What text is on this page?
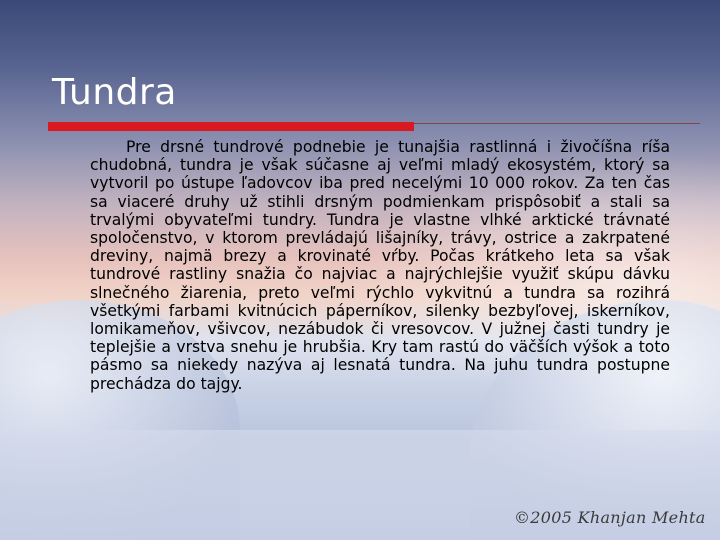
Tundra

Pre drsné tundrové podnebie je tunajšia rastlinná i živočíšna ríša chudobná, tundra je však súčasne aj veľmi mladý ekosystém, ktorý sa vytvoril po ústupe ľadovcov iba pred necelými 10 000 rokov. Za ten čas sa viaceré druhy už stihli drsným podmienkam prispôsobiť a stali sa trvalými obyvateľmi tundry. Tundra je vlastne vlhké arktické trávnaté spoločenstvo, v ktorom prevládajú lišajníky, trávy, ostrice a zakrpatené dreviny, najmä brezy a krovinaté vŕby. Počas krátkeho leta sa však tundrové rastliny snažia čo najviac a najrýchlejšie využiť skúpu dávku slnečného žiarenia, preto veľmi rýchlo vykvitnú a tundra sa rozihrá všetkými farbami kvitnúcich páperníkov, silenky bezbyľovej, iskerníkov, lomikameňov, všivcov, nezábudok či vresovcov. V južnej časti tundry je teplejšie a vrstva snehu je hrubšia. Kry tam rastú do väčších výšok a toto pásmo sa niekedy nazýva aj lesnatá tundra. Na juhu tundra postupne prechádza do tajgy.

©2005 Khanjan Mehta
